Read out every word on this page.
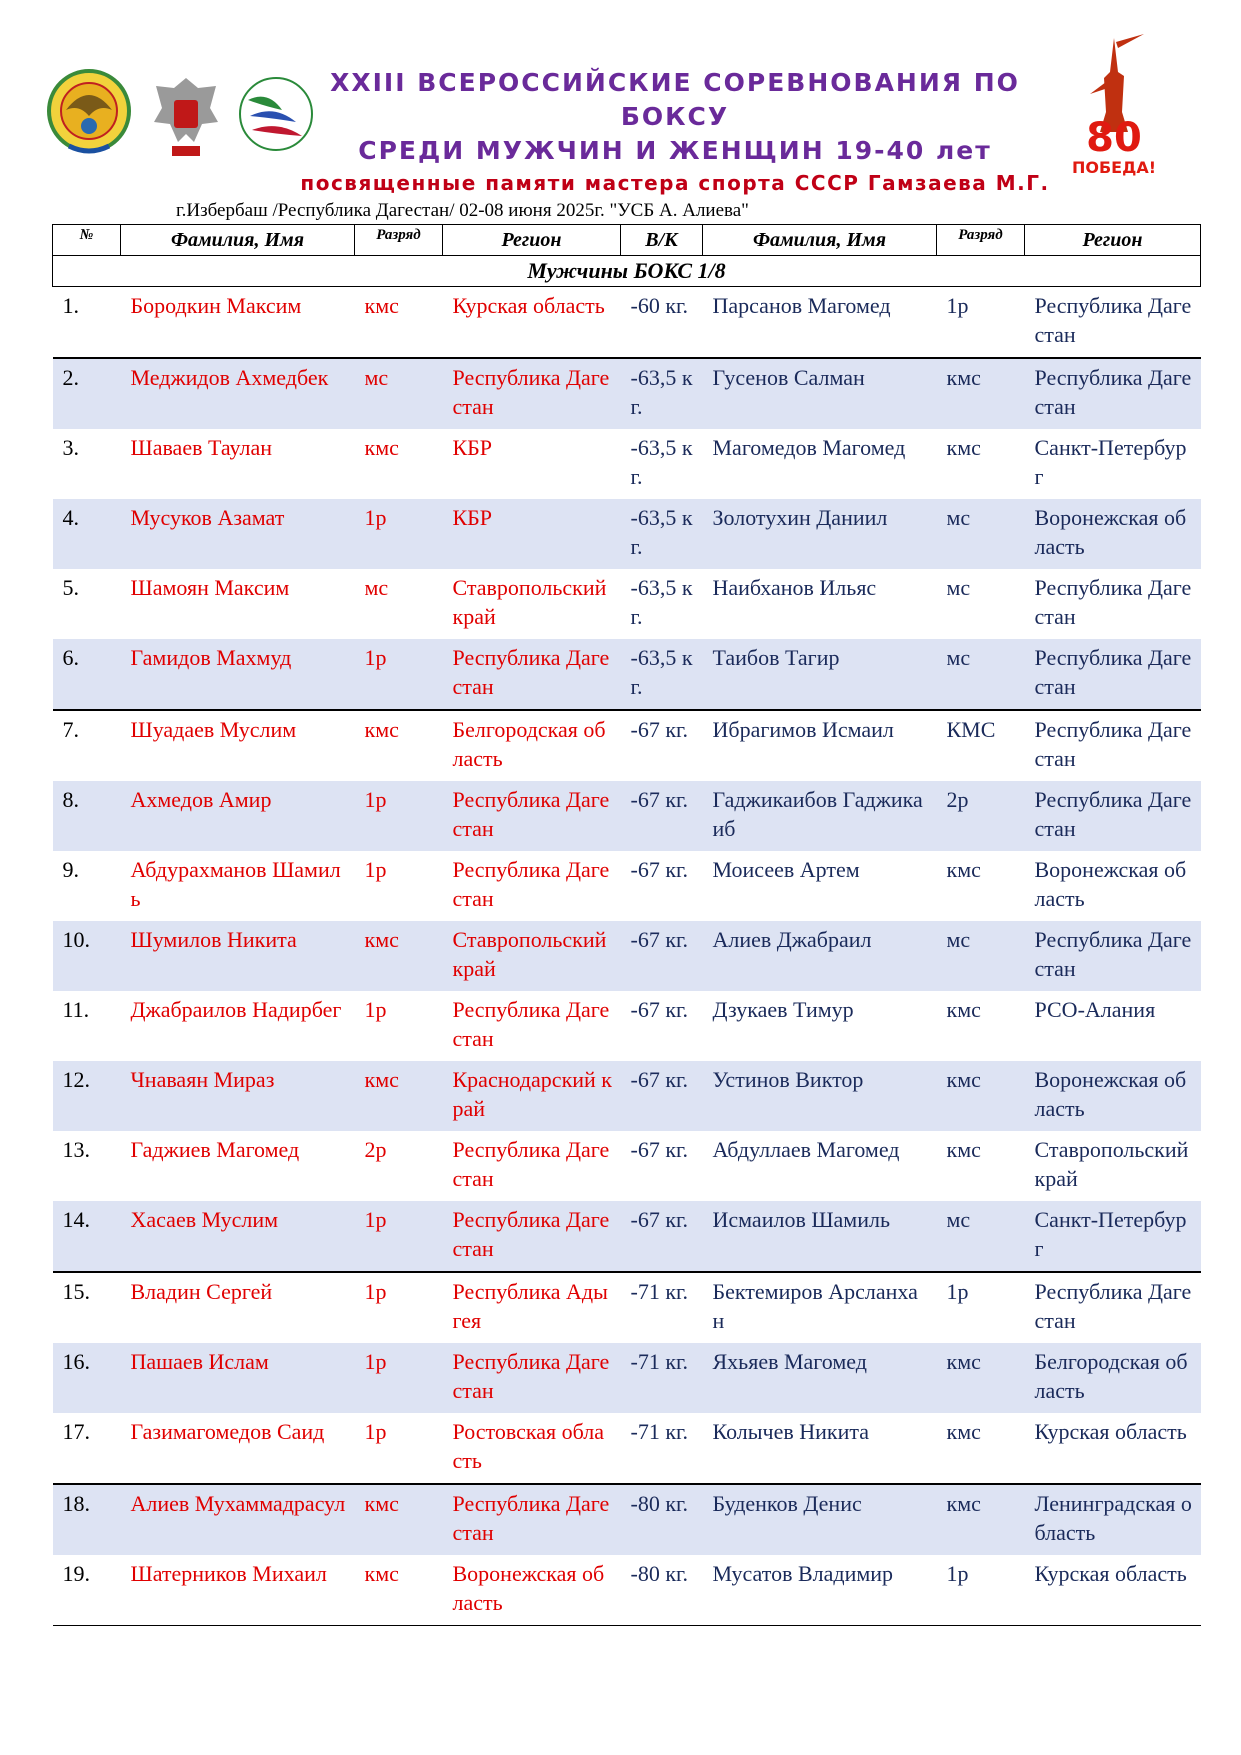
XXIII ВСЕРОССИЙСКИЕ СОРЕВНОВАНИЯ ПО БОКСУ
СРЕДИ МУЖЧИН И ЖЕНЩИН 19-40 лет
посвященные памяти мастера спорта СССР Гамзаева М.Г.
80
ПОБЕДА!
г.Избербаш /Республика Дагестан/ 02-08 июня 2025г. "УСБ А. Алиева"
№	Фамилия, Имя	Разряд	Регион	В/К	Фамилия, Имя	Разряд	Регион
Мужчины БОКС 1/8							
1.	Бородкин Максим	кмс	Курская область	-60 кг.	Парсанов Магомед	1р	Республика Дагестан
2.	Меджидов Ахмедбек	мс	Республика Дагестан	-63,5 кг.	Гусенов Салман	кмс	Республика Дагестан
3.	Шаваев Таулан	кмс	КБР	-63,5 кг.	Магомедов Магомед	кмс	Санкт-Петербург
4.	Мусуков Азамат	1р	КБР	-63,5 кг.	Золотухин Даниил	мс	Воронежская область
5.	Шамоян Максим	мс	Ставропольский край	-63,5 кг.	Наибханов Ильяс	мс	Республика Дагестан
6.	Гамидов Махмуд	1р	Республика Дагестан	-63,5 кг.	Таибов Тагир	мс	Республика Дагестан
7.	Шуадаев Муслим	кмс	Белгородская область	-67 кг.	Ибрагимов Исмаил	КМС	Республика Дагестан
8.	Ахмедов Амир	1р	Республика Дагестан	-67 кг.	Гаджикаибов Гаджикаиб	2р	Республика Дагестан
9.	Абдурахманов Шамиль	1р	Республика Дагестан	-67 кг.	Моисеев Артем	кмс	Воронежская область
10.	Шумилов Никита	кмс	Ставропольский край	-67 кг.	Алиев Джабраил	мс	Республика Дагестан
11.	Джабраилов Надирбег	1р	Республика Дагестан	-67 кг.	Дзукаев Тимур	кмс	РСО-Алания
12.	Чнаваян Мираз	кмс	Краснодарский край	-67 кг.	Устинов Виктор	кмс	Воронежская область
13.	Гаджиев Магомед	2р	Республика Дагестан	-67 кг.	Абдуллаев Магомед	кмс	Ставропольский край
14.	Хасаев Муслим	1р	Республика Дагестан	-67 кг.	Исмаилов Шамиль	мс	Санкт-Петербург
15.	Владин Сергей	1р	Республика Адыгея	-71 кг.	Бектемиров Арсланхан	1р	Республика Дагестан
16.	Пашаев Ислам	1р	Республика Дагестан	-71 кг.	Яхьяев Магомед	кмс	Белгородская область
17.	Газимагомедов Саид	1р	Ростовская область	-71 кг.	Колычев Никита	кмс	Курская область
18.	Алиев Мухаммадрасул	кмс	Республика Дагестан	-80 кг.	Буденков Денис	кмс	Ленинградская область
19.	Шатерников Михаил	кмс	Воронежская область	-80 кг.	Мусатов Владимир	1р	Курская область
